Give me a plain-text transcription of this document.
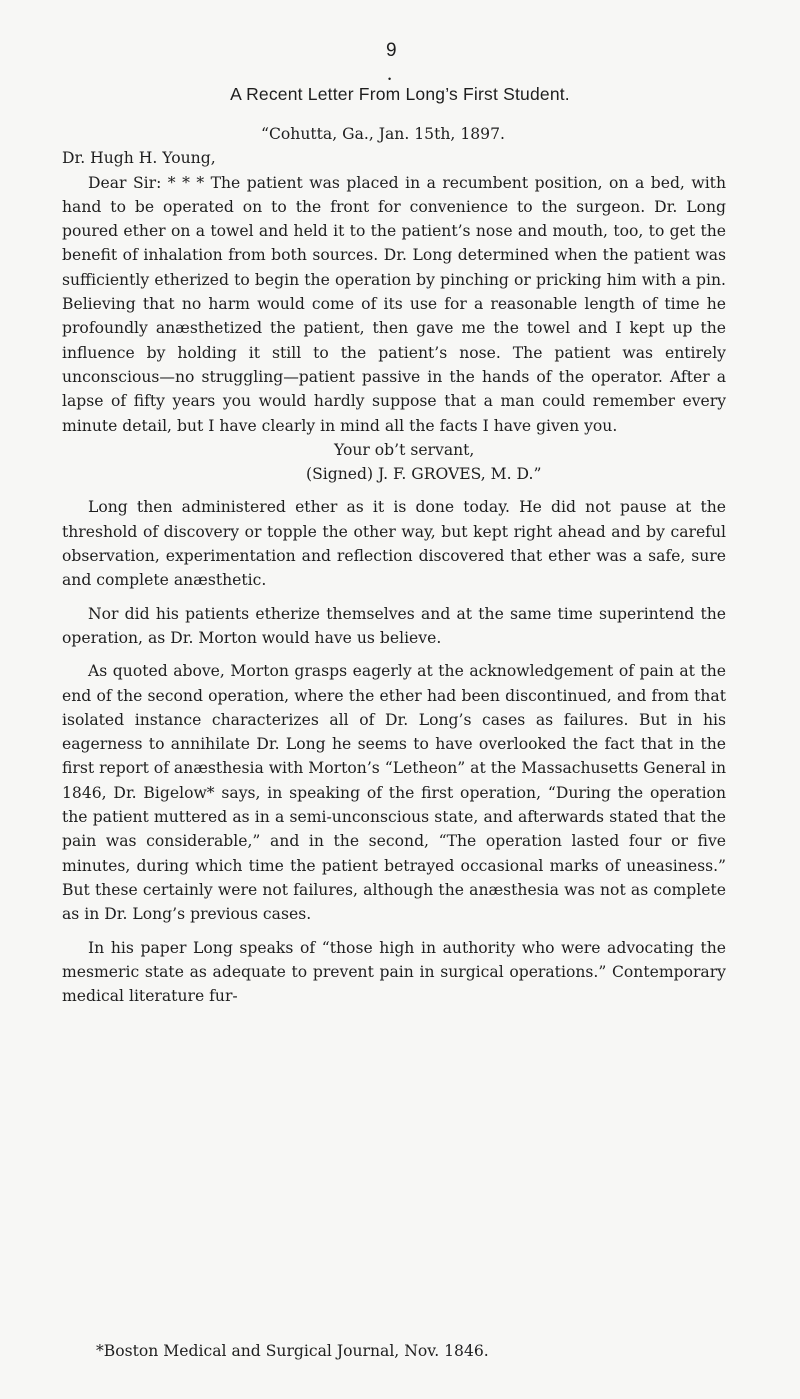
9
•
A Recent Letter From Long’s First Student.

“Cohutta, Ga., Jan. 15th, 1897.

Dr. Hugh H. Young,

Dear Sir: * * * The patient was placed in a recumbent position, on a bed, with hand to be operated on to the front for convenience to the surgeon. Dr. Long poured ether on a towel and held it to the patient’s nose and mouth, too, to get the benefit of inhalation from both sources. Dr. Long determined when the patient was sufficiently etherized to begin the operation by pinching or pricking him with a pin. Believing that no harm would come of its use for a reasonable length of time he profoundly anæsthetized the patient, then gave me the towel and I kept up the influence by holding it still to the patient’s nose. The patient was entirely unconscious—no struggling—patient passive in the hands of the operator. After a lapse of fifty years you would hardly suppose that a man could remember every minute detail, but I have clearly in mind all the facts I have given you.

Your ob’t servant,

(Signed) J. F. GROVES, M. D.”

Long then administered ether as it is done today. He did not pause at the threshold of discovery or topple the other way, but kept right ahead and by careful observation, experimentation and reflection discovered that ether was a safe, sure and complete anæsthetic.

Nor did his patients etherize themselves and at the same time superintend the operation, as Dr. Morton would have us believe.

As quoted above, Morton grasps eagerly at the acknowledgement of pain at the end of the second operation, where the ether had been discontinued, and from that isolated instance characterizes all of Dr. Long’s cases as failures. But in his eagerness to annihilate Dr. Long he seems to have overlooked the fact that in the first report of anæsthesia with Morton’s “Letheon” at the Massachusetts General in 1846, Dr. Bigelow* says, in speaking of the first operation, “During the operation the patient muttered as in a semi-unconscious state, and afterwards stated that the pain was considerable,” and in the second, “The operation lasted four or five minutes, during which time the patient betrayed occasional marks of uneasiness.” But these certainly were not failures, although the anæsthesia was not as complete as in Dr. Long’s previous cases.

In his paper Long speaks of “those high in authority who were advocating the mesmeric state as adequate to prevent pain in surgical operations.” Contemporary medical literature fur-

*Boston Medical and Surgical Journal, Nov. 1846.
